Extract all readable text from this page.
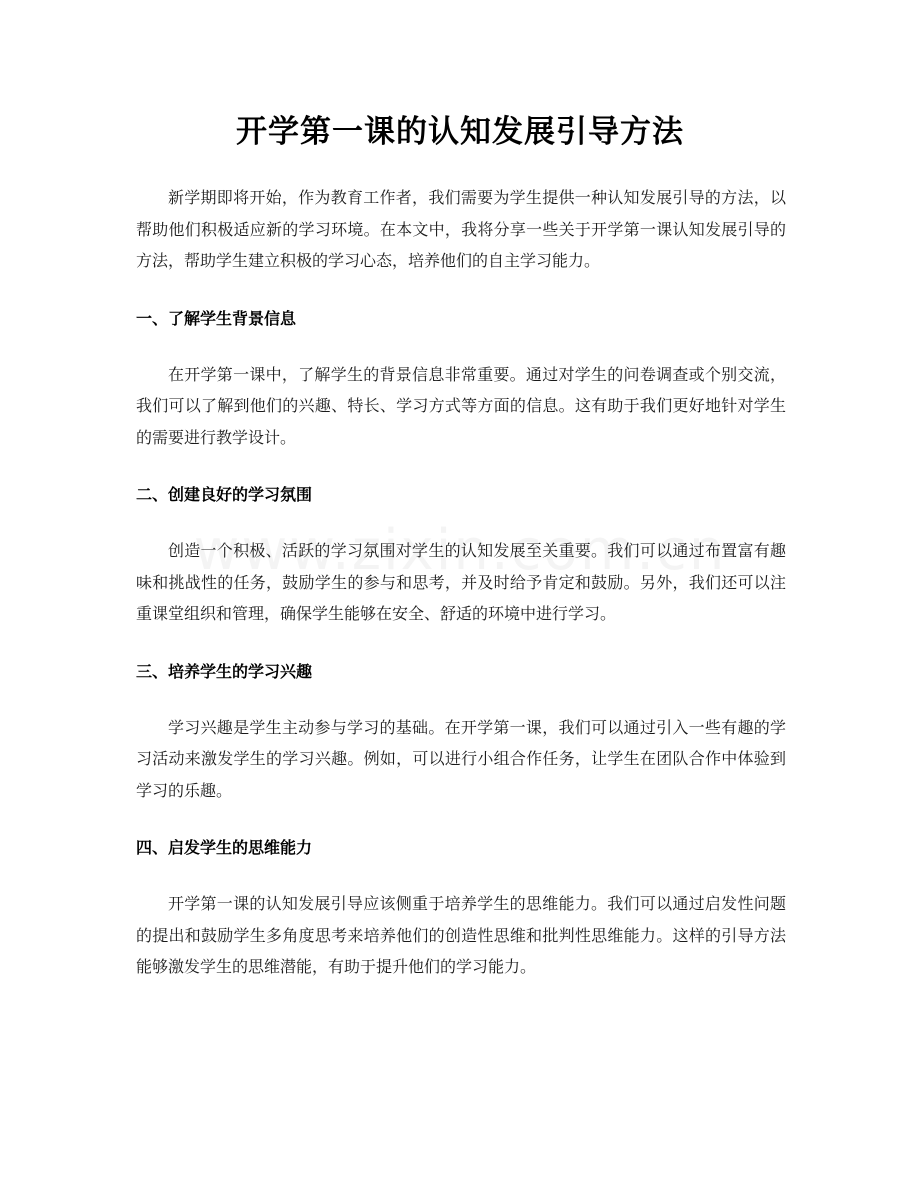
开学第一课的认知发展引导方法

新学期即将开始，作为教育工作者，我们需要为学生提供一种认知发展引导的方法，以帮助他们积极适应新的学习环境。在本文中，我将分享一些关于开学第一课认知发展引导的方法，帮助学生建立积极的学习心态，培养他们的自主学习能力。

一、了解学生背景信息

在开学第一课中，了解学生的背景信息非常重要。通过对学生的问卷调查或个别交流，我们可以了解到他们的兴趣、特长、学习方式等方面的信息。这有助于我们更好地针对学生的需要进行教学设计。

二、创建良好的学习氛围

创造一个积极、活跃的学习氛围对学生的认知发展至关重要。我们可以通过布置富有趣味和挑战性的任务，鼓励学生的参与和思考，并及时给予肯定和鼓励。另外，我们还可以注重课堂组织和管理，确保学生能够在安全、舒适的环境中进行学习。

三、培养学生的学习兴趣

学习兴趣是学生主动参与学习的基础。在开学第一课，我们可以通过引入一些有趣的学习活动来激发学生的学习兴趣。例如，可以进行小组合作任务，让学生在团队合作中体验到学习的乐趣。

四、启发学生的思维能力

开学第一课的认知发展引导应该侧重于培养学生的思维能力。我们可以通过启发性问题的提出和鼓励学生多角度思考来培养他们的创造性思维和批判性思维能力。这样的引导方法能够激发学生的思维潜能，有助于提升他们的学习能力。
